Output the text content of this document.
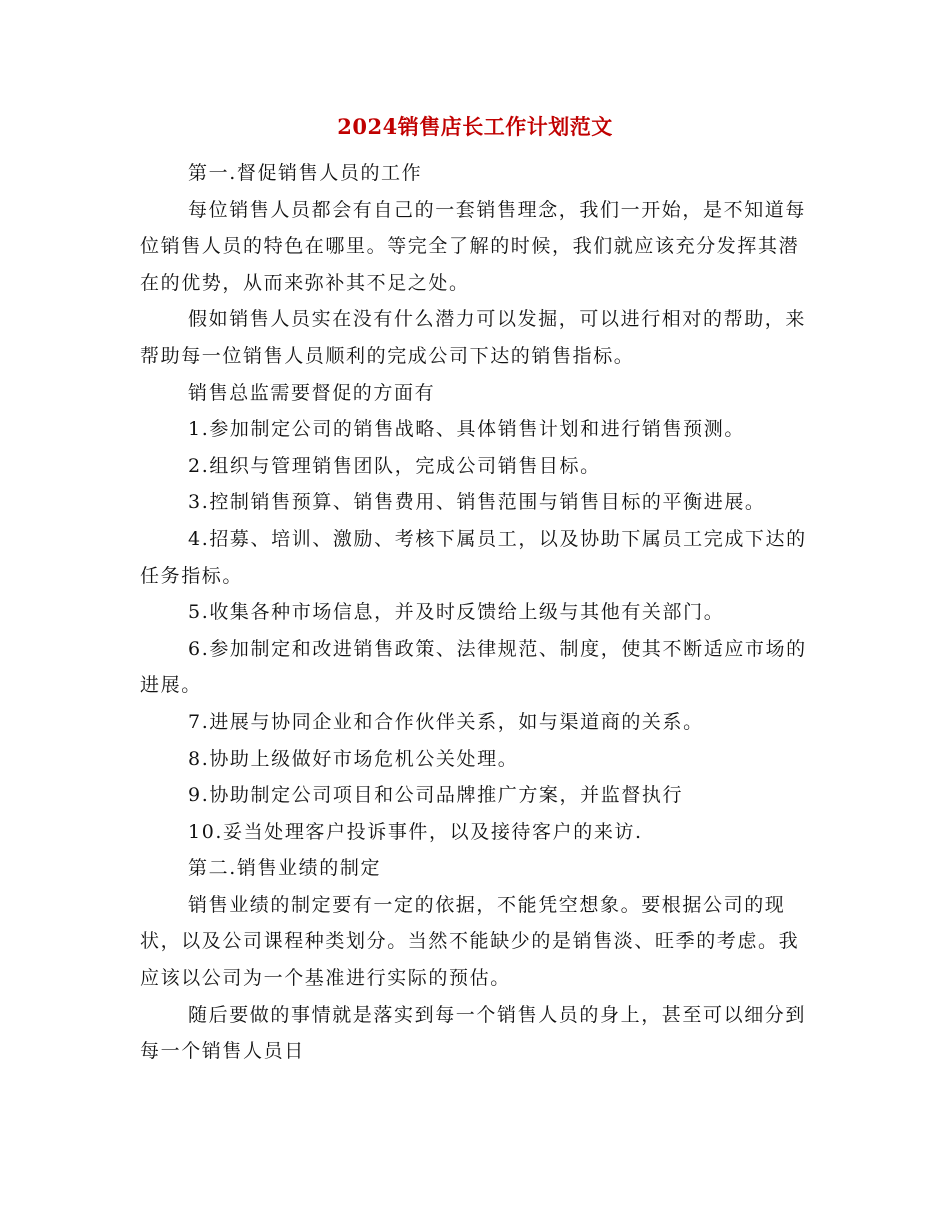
2024销售店长工作计划范文

第一.督促销售人员的工作

每位销售人员都会有自己的一套销售理念，我们一开始，是不知道每位销售人员的特色在哪里。等完全了解的时候，我们就应该充分发挥其潜在的优势，从而来弥补其不足之处。

假如销售人员实在没有什么潜力可以发掘，可以进行相对的帮助，来帮助每一位销售人员顺利的完成公司下达的销售指标。

销售总监需要督促的方面有

1.参加制定公司的销售战略、具体销售计划和进行销售预测。

2.组织与管理销售团队，完成公司销售目标。

3.控制销售预算、销售费用、销售范围与销售目标的平衡进展。

4.招募、培训、激励、考核下属员工，以及协助下属员工完成下达的任务指标。

5.收集各种市场信息，并及时反馈给上级与其他有关部门。

6.参加制定和改进销售政策、法律规范、制度，使其不断适应市场的进展。

7.进展与协同企业和合作伙伴关系，如与渠道商的关系。

8.协助上级做好市场危机公关处理。

9.协助制定公司项目和公司品牌推广方案，并监督执行

10.妥当处理客户投诉事件，以及接待客户的来访.

第二.销售业绩的制定

销售业绩的制定要有一定的依据，不能凭空想象。要根据公司的现状，以及公司课程种类划分。当然不能缺少的是销售淡、旺季的考虑。我应该以公司为一个基准进行实际的预估。

随后要做的事情就是落实到每一个销售人员的身上，甚至可以细分到每一个销售人员日
